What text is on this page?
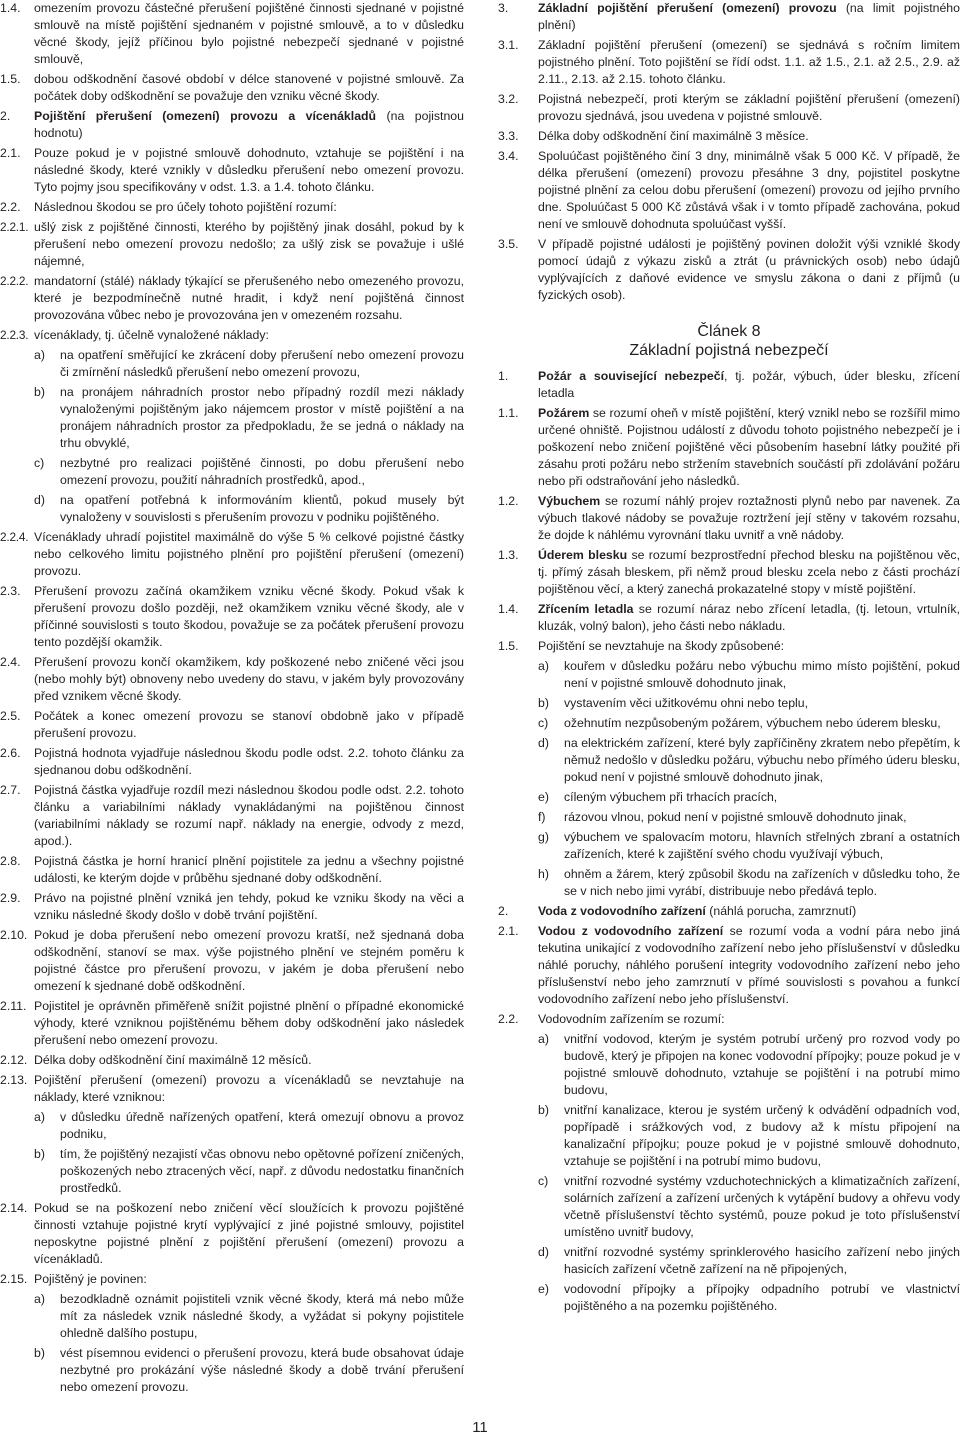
1.4. omezením provozu částečné přerušení pojištěné činnosti sjednané v pojistné smlouvě na místě pojištění sjednaném v pojistné smlouvě, a to v důsledku věcné škody, jejíž příčinou bylo pojistné nebezpečí sjednané v pojistné smlouvě,
1.5. dobou odškodnění časové období v délce stanovené v pojistné smlouvě. Za počátek doby odškodnění se považuje den vzniku věcné škody.
2. Pojištění přerušení (omezení) provozu a vícenákladů (na pojistnou hodnotu)
2.1. Pouze pokud je v pojistné smlouvě dohodnuto, vztahuje se pojištění i na následné škody, které vznikly v důsledku přerušení nebo omezení provozu. Tyto pojmy jsou specifikovány v odst. 1.3. a 1.4. tohoto článku.
2.2. Následnou škodou se pro účely tohoto pojištění rozumí:
2.2.1. ušlý zisk z pojištěné činnosti, kterého by pojištěný jinak dosáhl, pokud by k přerušení nebo omezení provozu nedošlo; za ušlý zisk se považuje i ušlé nájemné,
2.2.2. mandatorní (stálé) náklady týkající se přerušeného nebo omezeného provozu, které je bezpodmínečně nutné hradit, i když není pojištěná činnost provozována vůbec nebo je provozována jen v omezeném rozsahu.
2.2.3. vícenáklady, tj. účelně vynaložené náklady:
a) na opatření směřující ke zkrácení doby přerušení nebo omezení provozu či zmírnění následků přerušení nebo omezení provozu,
b) na pronájem náhradních prostor nebo případný rozdíl mezi náklady vynaloženými pojištěným jako nájemcem prostor v místě pojištění a na pronájem náhradních prostor za předpokladu, že se jedná o náklady na trhu obvyklé,
c) nezbytné pro realizaci pojištěné činnosti, po dobu přerušení nebo omezení provozu, použití náhradních prostředků, apod.,
d) na opatření potřebná k informováním klientů, pokud musely být vynaloženy v souvislosti s přerušením provozu v podniku pojištěného.
2.2.4. Vícenáklady uhradí pojistitel maximálně do výše 5 % celkové pojistné částky nebo celkového limitu pojistného plnění pro pojištění přerušení (omezení) provozu.
2.3. Přerušení provozu začíná okamžikem vzniku věcné škody. Pokud však k přerušení provozu došlo později, než okamžikem vzniku věcné škody, ale v příčinné souvislosti s touto škodou, považuje se za počátek přerušení provozu tento pozdější okamžik.
2.4. Přerušení provozu končí okamžikem, kdy poškozené nebo zničené věci jsou (nebo mohly být) obnoveny nebo uvedeny do stavu, v jakém byly provozovány před vznikem věcné škody.
2.5. Počátek a konec omezení provozu se stanoví obdobně jako v případě přerušení provozu.
2.6. Pojistná hodnota vyjadřuje následnou škodu podle odst. 2.2. tohoto článku za sjednanou dobu odškodnění.
2.7. Pojistná částka vyjadřuje rozdíl mezi následnou škodou podle odst. 2.2. tohoto článku a variabilními náklady vynakládanými na pojištěnou činnost (variabilními náklady se rozumí např. náklady na energie, odvody z mezd, apod.).
2.8. Pojistná částka je horní hranicí plnění pojistitele za jednu a všechny pojistné události, ke kterým dojde v průběhu sjednané doby odškodnění.
2.9. Právo na pojistné plnění vzniká jen tehdy, pokud ke vzniku škody na věci a vzniku následné škody došlo v době trvání pojištění.
2.10. Pokud je doba přerušení nebo omezení provozu kratší, než sjednaná doba odškodnění, stanoví se max. výše pojistného plnění ve stejném poměru k pojistné částce pro přerušení provozu, v jakém je doba přerušení nebo omezení k sjednané době odškodnění.
2.11. Pojistitel je oprávněn přiměřeně snížit pojistné plnění o případné ekonomické výhody, které vzniknou pojištěnému během doby odškodnění jako následek přerušení nebo omezení provozu.
2.12. Délka doby odškodnění činí maximálně 12 měsíců.
2.13. Pojištění přerušení (omezení) provozu a vícenákladů se nevztahuje na náklady, které vzniknou:
a) v důsledku úředně nařízených opatření, která omezují obnovu a provoz podniku,
b) tím, že pojištěný nezajistí včas obnovu nebo opětovné pořízení zničených, poškozených nebo ztracených věcí, např. z důvodu nedostatku finančních prostředků.
2.14. Pokud se na poškození nebo zničení věcí sloužících k provozu pojištěné činnosti vztahuje pojistné krytí vyplývající z jiné pojistné smlouvy, pojistitel neposkytne pojistné plnění z pojištění přerušení (omezení) provozu a vícenákladů.
2.15. Pojištěný je povinen:
a) bezodkladně oznámit pojistiteli vznik věcné škody, která má nebo může mít za následek vznik následné škody, a vyžádat si pokyny pojistitele ohledně dalšího postupu,
b) vést písemnou evidenci o přerušení provozu, která bude obsahovat údaje nezbytné pro prokázání výše následné škody a době trvání přerušení nebo omezení provozu.
3. Základní pojištění přerušení (omezení) provozu (na limit pojistného plnění)
3.1. Základní pojištění přerušení (omezení) se sjednává s ročním limitem pojistného plnění. Toto pojištění se řídí odst. 1.1. až 1.5., 2.1. až 2.5., 2.9. až 2.11., 2.13. až 2.15. tohoto článku.
3.2. Pojistná nebezpečí, proti kterým se základní pojištění přerušení (omezení) provozu sjednává, jsou uvedena v pojistné smlouvě.
3.3. Délka doby odškodnění činí maximálně 3 měsíce.
3.4. Spoluúčast pojištěného činí 3 dny, minimálně však 5 000 Kč. V případě, že délka přerušení (omezení) provozu přesáhne 3 dny, pojistitel poskytne pojistné plnění za celou dobu přerušení (omezení) provozu od jejího prvního dne. Spoluúčast 5 000 Kč zůstává však i v tomto případě zachována, pokud není ve smlouvě dohodnuta spoluúčast vyšší.
3.5. V případě pojistné události je pojištěný povinen doložit výši vzniklé škody pomocí údajů z výkazu zisků a ztrát (u právnických osob) nebo údajů vyplývajících z daňové evidence ve smyslu zákona o dani z příjmů (u fyzických osob).
Článek 8
Základní pojistná nebezpečí
1. Požár a související nebezpečí, tj. požár, výbuch, úder blesku, zřícení letadla
1.1. Požárem se rozumí oheň v místě pojištění, který vznikl nebo se rozšířil mimo určené ohniště. Pojistnou událostí z důvodu tohoto pojistného nebezpečí je i poškození nebo zničení pojištěné věci působením hasební látky použité při zásahu proti požáru nebo stržením stavebních součástí při zdolávání požáru nebo při odstraňování jeho následků.
1.2. Výbuchem se rozumí náhlý projev roztažnosti plynů nebo par navenek. Za výbuch tlakové nádoby se považuje roztržení její stěny v takovém rozsahu, že dojde k náhlému vyrovnání tlaku uvnitř a vně nádoby.
1.3. Úderem blesku se rozumí bezprostřední přechod blesku na pojištěnou věc, tj. přímý zásah bleskem, při němž proud blesku zcela nebo z části prochází pojištěnou věcí, a který zanechá prokazatelné stopy v místě pojištění.
1.4. Zřícením letadla se rozumí náraz nebo zřícení letadla, (tj. letoun, vrtulník, kluzák, volný balon), jeho části nebo nákladu.
1.5. Pojištění se nevztahuje na škody způsobené:
a) kouřem v důsledku požáru nebo výbuchu mimo místo pojištění, pokud není v pojistné smlouvě dohodnuto jinak,
b) vystavením věci užitkovému ohni nebo teplu,
c) ožehnutím nezpůsobeným požárem, výbuchem nebo úderem blesku,
d) na elektrickém zařízení, které byly zapříčiněny zkratem nebo přepětím, k němuž nedošlo v důsledku požáru, výbuchu nebo přímého úderu blesku, pokud není v pojistné smlouvě dohodnuto jinak,
e) cíleným výbuchem při trhacích pracích,
f) rázovou vlnou, pokud není v pojistné smlouvě dohodnuto jinak,
g) výbuchem ve spalovacím motoru, hlavních střelných zbraní a ostatních zařízeních, které k zajištění svého chodu využívají výbuch,
h) ohněm a žárem, který způsobil škodu na zařízeních v důsledku toho, že se v nich nebo jimi vyrábí, distribuuje nebo předává teplo.
2. Voda z vodovodního zařízení (náhlá porucha, zamrznutí)
2.1. Vodou z vodovodního zařízení se rozumí voda a vodní pára nebo jiná tekutina unikající z vodovodního zařízení nebo jeho příslušenství v důsledku náhlé poruchy, náhlého porušení integrity vodovodního zařízení nebo jeho příslušenství nebo jeho zamrznutí v přímé souvislosti s povahou a funkcí vodovodního zařízení nebo jeho příslušenství.
2.2. Vodovodním zařízením se rozumí:
a) vnitřní vodovod, kterým je systém potrubí určený pro rozvod vody po budově, který je připojen na konec vodovodní přípojky; pouze pokud je v pojistné smlouvě dohodnuto, vztahuje se pojištění i na potrubí mimo budovu,
b) vnitřní kanalizace, kterou je systém určený k odvádění odpadních vod, popřípadě i srážkových vod, z budovy až k místu připojení na kanalizační přípojku; pouze pokud je v pojistné smlouvě dohodnuto, vztahuje se pojištění i na potrubí mimo budovu,
c) vnitřní rozvodné systémy vzduchotechnických a klimatizačních zařízení, solárních zařízení a zařízení určených k vytápění budovy a ohřevu vody včetně příslušenství těchto systémů, pouze pokud je toto příslušenství umístěno uvnitř budovy,
d) vnitřní rozvodné systémy sprinklerového hasicího zařízení nebo jiných hasicích zařízení včetně zařízení na ně připojených,
e) vodovodní přípojky a přípojky odpadního potrubí ve vlastnictví pojištěného a na pozemku pojištěného.
11
